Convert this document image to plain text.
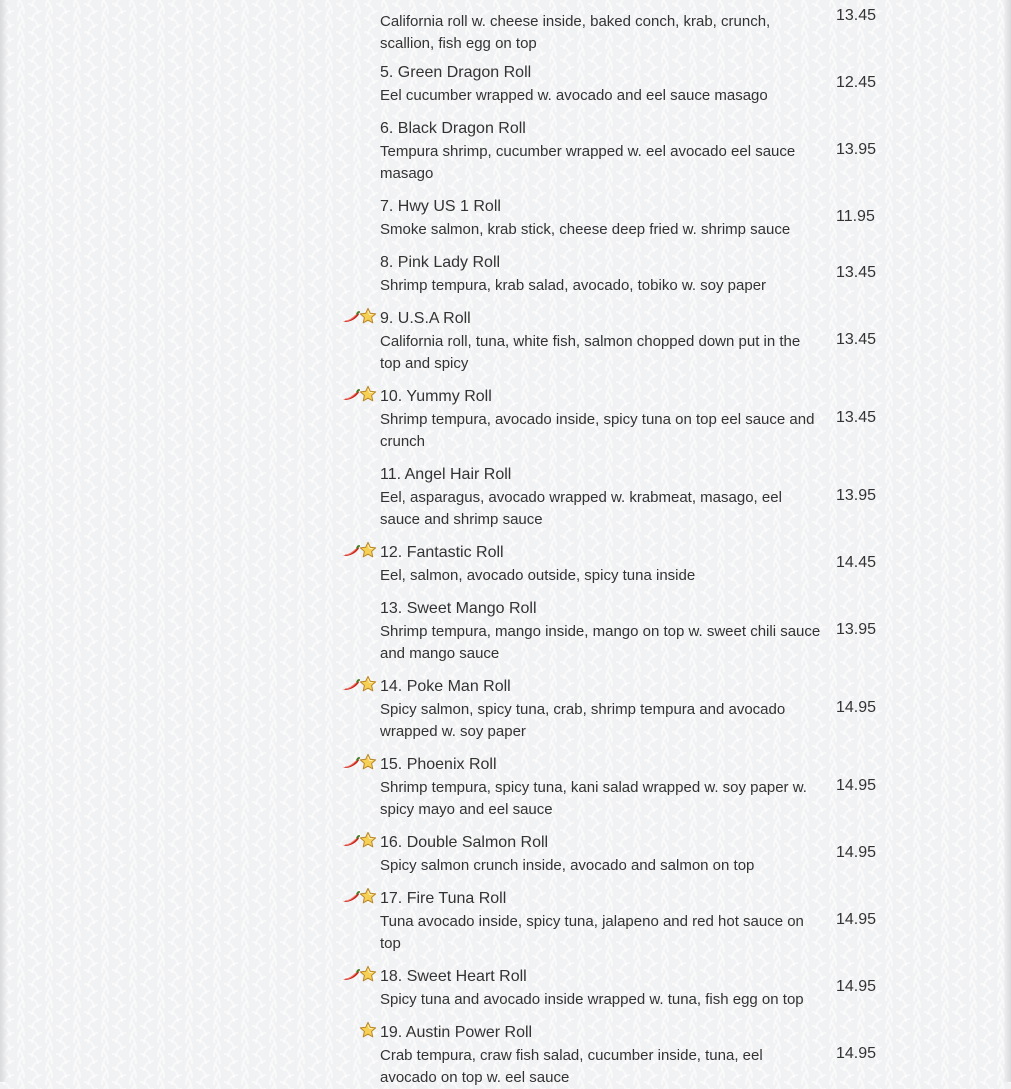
California roll w. cheese inside, baked conch, krab, crunch, scallion, fish egg on top
13.45
5. Green Dragon Roll
Eel cucumber wrapped w. avocado and eel sauce masago
12.45
6. Black Dragon Roll
Tempura shrimp, cucumber wrapped w. eel avocado eel sauce masago
13.95
7. Hwy US 1 Roll
Smoke salmon, krab stick, cheese deep fried w. shrimp sauce
11.95
8. Pink Lady Roll
Shrimp tempura, krab salad, avocado, tobiko w. soy paper
13.45
9. U.S.A Roll
California roll, tuna, white fish, salmon chopped down put in the top and spicy
13.45
10. Yummy Roll
Shrimp tempura, avocado inside, spicy tuna on top eel sauce and crunch
13.45
11. Angel Hair Roll
Eel, asparagus, avocado wrapped w. krabmeat, masago, eel sauce and shrimp sauce
13.95
12. Fantastic Roll
Eel, salmon, avocado outside, spicy tuna inside
14.45
13. Sweet Mango Roll
Shrimp tempura, mango inside, mango on top w. sweet chili sauce and mango sauce
13.95
14. Poke Man Roll
Spicy salmon, spicy tuna, crab, shrimp tempura and avocado wrapped w. soy paper
14.95
15. Phoenix Roll
Shrimp tempura, spicy tuna, kani salad wrapped w. soy paper w. spicy mayo and eel sauce
14.95
16. Double Salmon Roll
Spicy salmon crunch inside, avocado and salmon on top
14.95
17. Fire Tuna Roll
Tuna avocado inside, spicy tuna, jalapeno and red hot sauce on top
14.95
18. Sweet Heart Roll
Spicy tuna and avocado inside wrapped w. tuna, fish egg on top
14.95
19. Austin Power Roll
Crab tempura, craw fish salad, cucumber inside, tuna, eel avocado on top w. eel sauce
14.95
